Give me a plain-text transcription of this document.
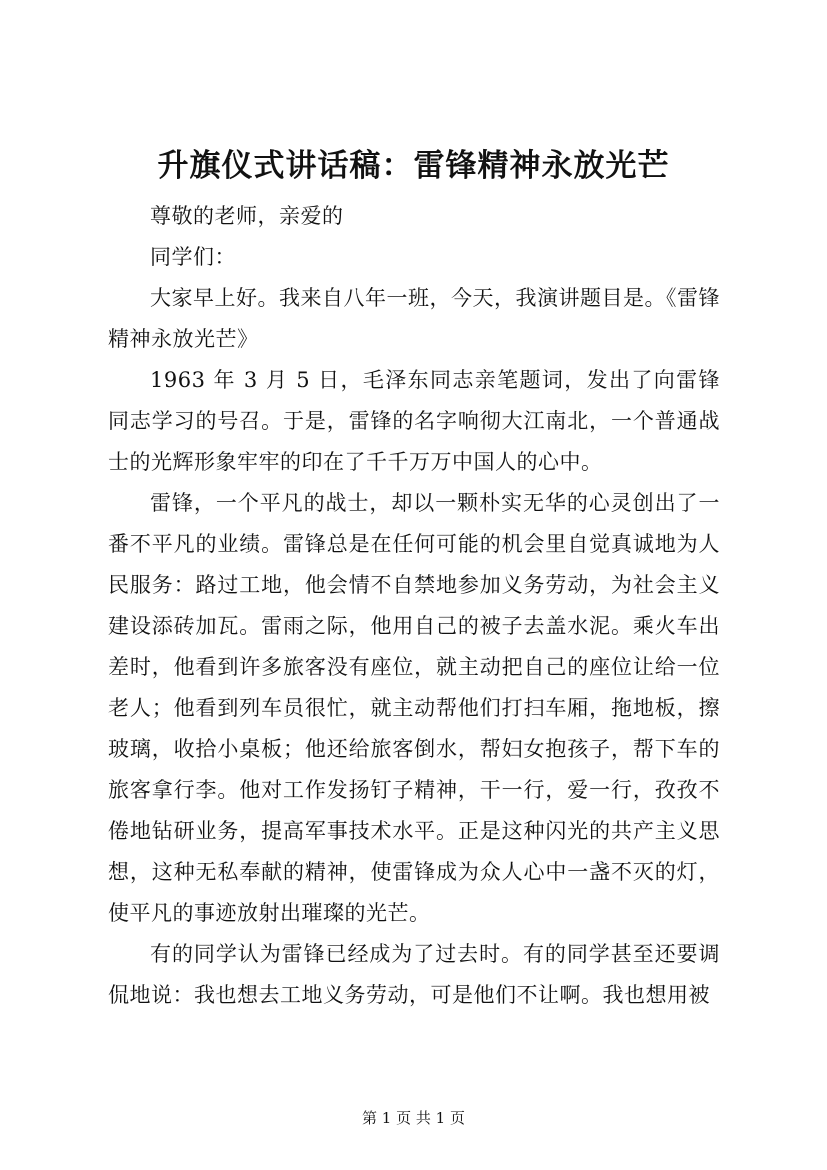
升旗仪式讲话稿：雷锋精神永放光芒

尊敬的老师，亲爱的

同学们：

大家早上好。我来自八年一班，今天，我演讲题目是。《雷锋精神永放光芒》

1963 年 3 月 5 日，毛泽东同志亲笔题词，发出了向雷锋同志学习的号召。于是，雷锋的名字响彻大江南北，一个普通战士的光辉形象牢牢的印在了千千万万中国人的心中。

雷锋，一个平凡的战士，却以一颗朴实无华的心灵创出了一番不平凡的业绩。雷锋总是在任何可能的机会里自觉真诚地为人民服务：路过工地，他会情不自禁地参加义务劳动，为社会主义建设添砖加瓦。雷雨之际，他用自己的被子去盖水泥。乘火车出差时，他看到许多旅客没有座位，就主动把自己的座位让给一位老人；他看到列车员很忙，就主动帮他们打扫车厢，拖地板，擦玻璃，收拾小桌板；他还给旅客倒水，帮妇女抱孩子，帮下车的旅客拿行李。他对工作发扬钉子精神，干一行，爱一行，孜孜不倦地钻研业务，提高军事技术水平。正是这种闪光的共产主义思想，这种无私奉献的精神，使雷锋成为众人心中一盏不灭的灯，使平凡的事迹放射出璀璨的光芒。

有的同学认为雷锋已经成为了过去时。有的同学甚至还要调侃地说：我也想去工地义务劳动，可是他们不让啊。我也想用被

第 1 页 共 1 页
